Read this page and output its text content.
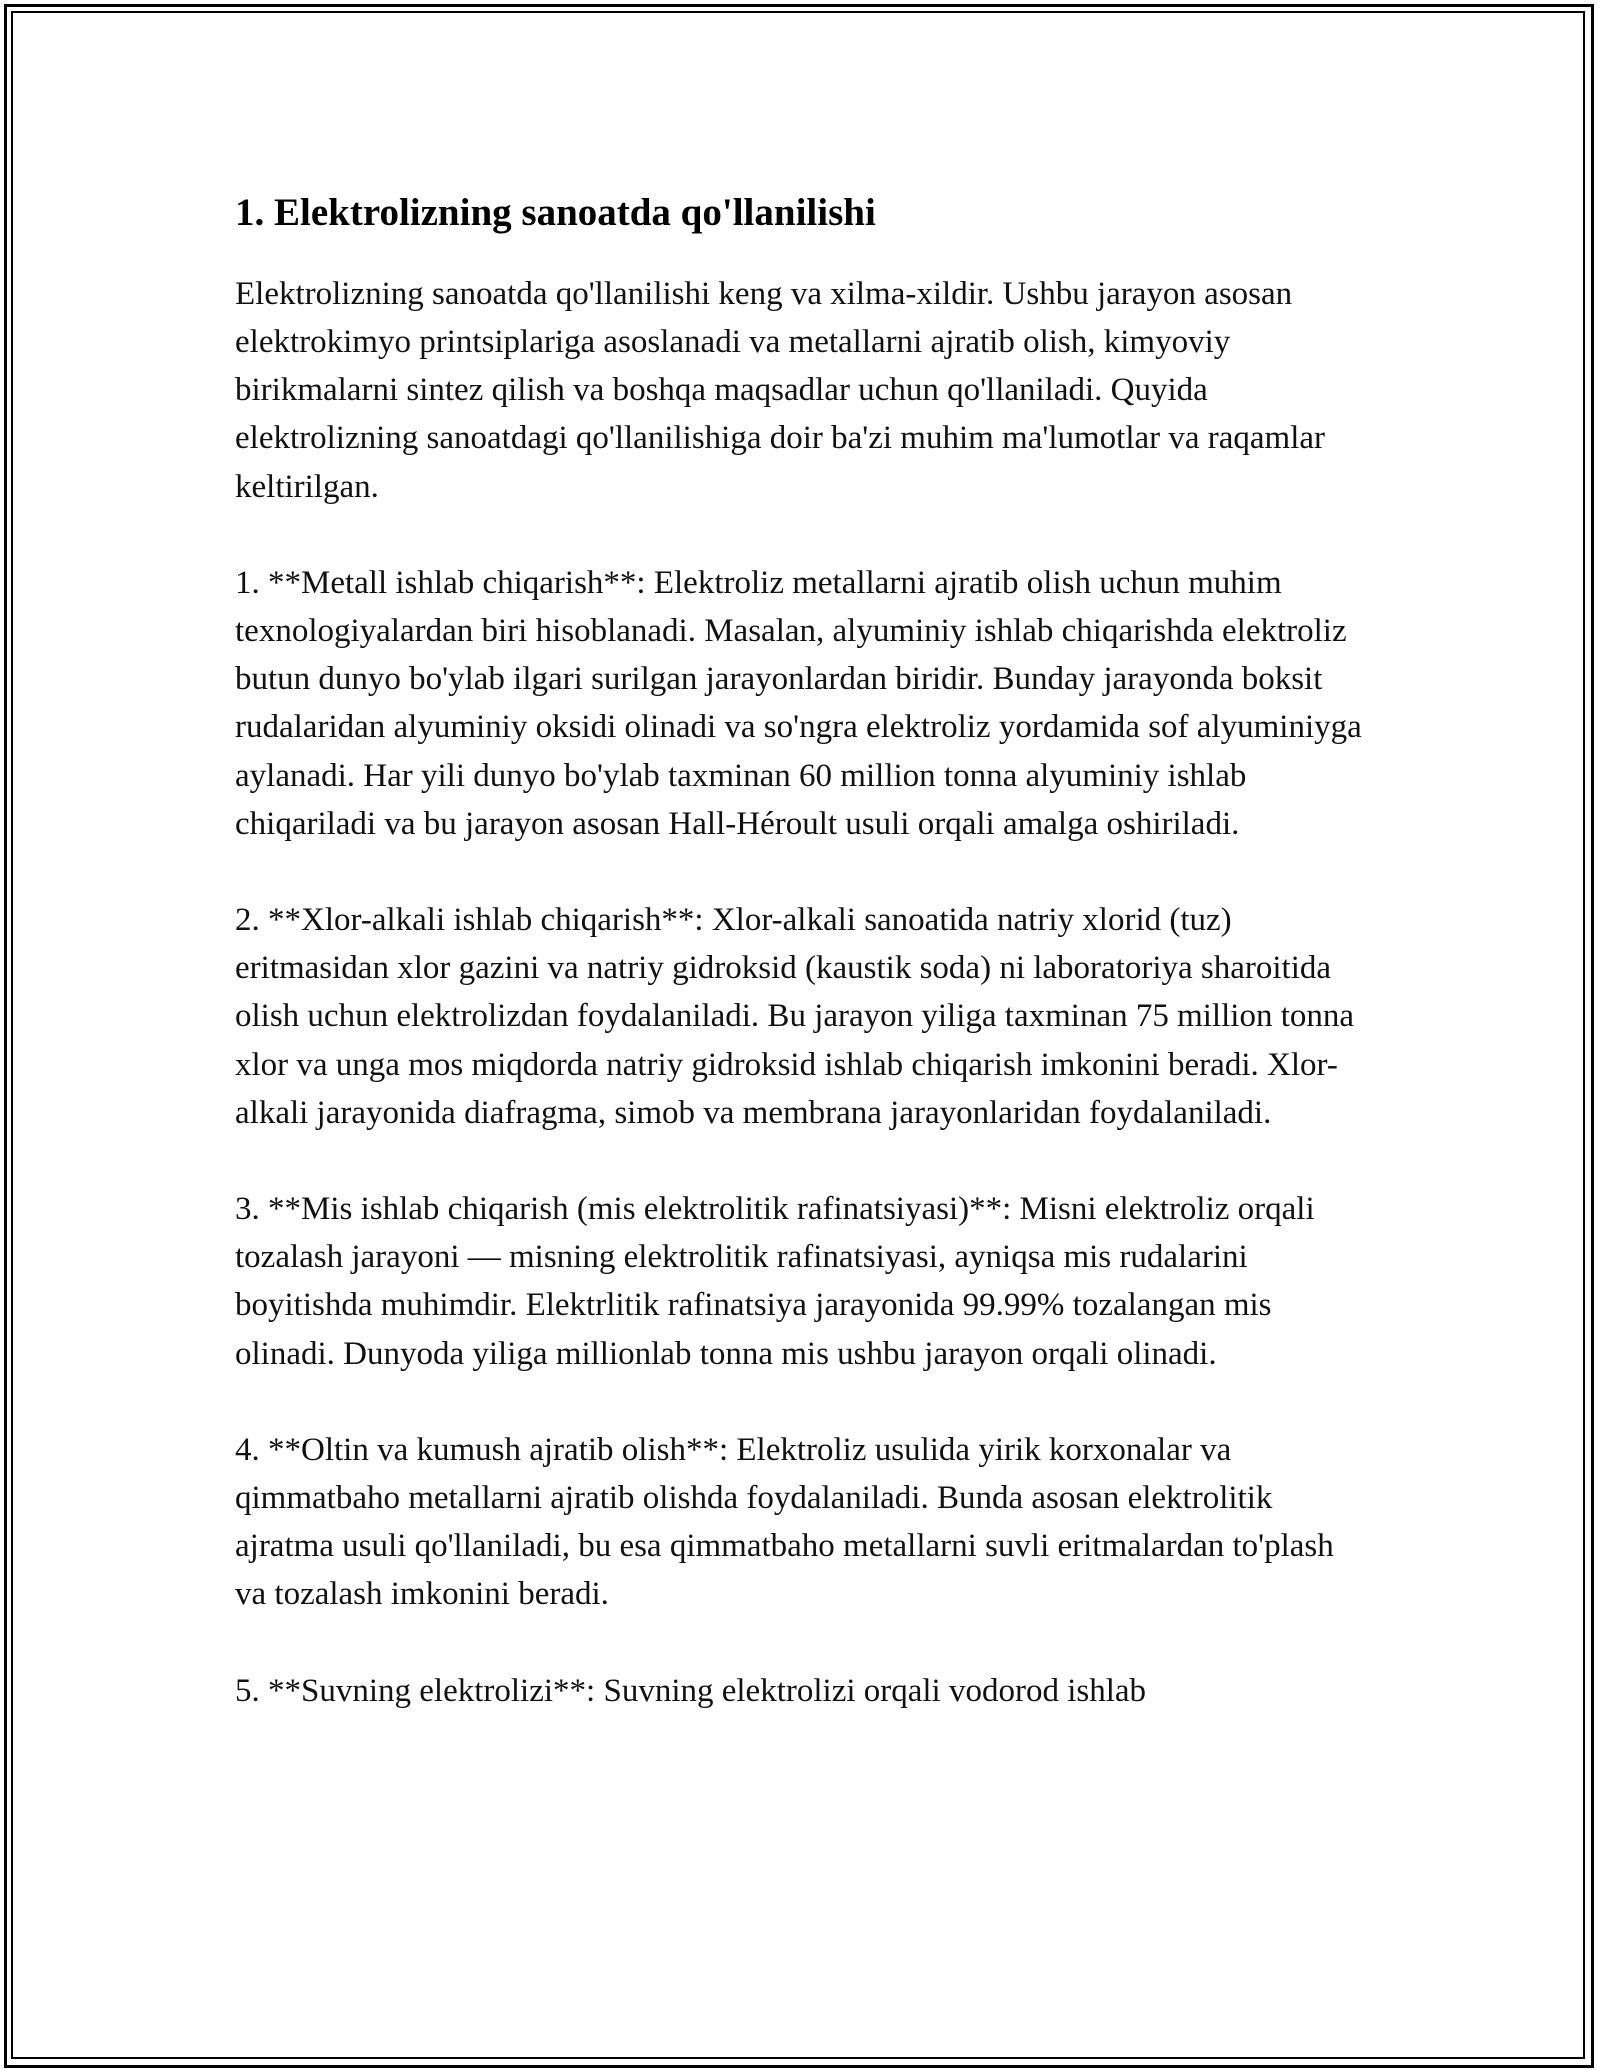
1. Elektrolizning sanoatda qo'llanilishi

Elektrolizning sanoatda qo'llanilishi keng va xilma-xildir. Ushbu jarayon asosan elektrokimyo printsiplariga asoslanadi va metallarni ajratib olish, kimyoviy birikmalarni sintez qilish va boshqa maqsadlar uchun qo'llaniladi. Quyida elektrolizning sanoatdagi qo'llanilishiga doir ba'zi muhim ma'lumotlar va raqamlar keltirilgan.

1. **Metall ishlab chiqarish**: Elektroliz metallarni ajratib olish uchun muhim texnologiyalardan biri hisoblanadi. Masalan, alyuminiy ishlab chiqarishda elektroliz butun dunyo bo'ylab ilgari surilgan jarayonlardan biridir. Bunday jarayonda boksit rudalaridan alyuminiy oksidi olinadi va so'ngra elektroliz yordamida sof alyuminiyga aylanadi. Har yili dunyo bo'ylab taxminan 60 million tonna alyuminiy ishlab chiqariladi va bu jarayon asosan Hall-Héroult usuli orqali amalga oshiriladi.

2. **Xlor-alkali ishlab chiqarish**: Xlor-alkali sanoatida natriy xlorid (tuz) eritmasidan xlor gazini va natriy gidroksid (kaustik soda) ni laboratoriya sharoitida olish uchun elektrolizdan foydalaniladi. Bu jarayon yiliga taxminan 75 million tonna xlor va unga mos miqdorda natriy gidroksid ishlab chiqarish imkonini beradi. Xlor-alkali jarayonida diafragma, simob va membrana jarayonlaridan foydalaniladi.

3. **Mis ishlab chiqarish (mis elektrolitik rafinatsiyasi)**: Misni elektroliz orqali tozalash jarayoni — misning elektrolitik rafinatsiyasi, ayniqsa mis rudalarini boyitishda muhimdir. Elektrlitik rafinatsiya jarayonida 99.99% tozalangan mis olinadi. Dunyoda yiliga millionlab tonna mis ushbu jarayon orqali olinadi.

4. **Oltin va kumush ajratib olish**: Elektroliz usulida yirik korxonalar va qimmatbaho metallarni ajratib olishda foydalaniladi. Bunda asosan elektrolitik ajratma usuli qo'llaniladi, bu esa qimmatbaho metallarni suvli eritmalardan to'plash va tozalash imkonini beradi.

5. **Suvning elektrolizi**: Suvning elektrolizi orqali vodorod ishlab
